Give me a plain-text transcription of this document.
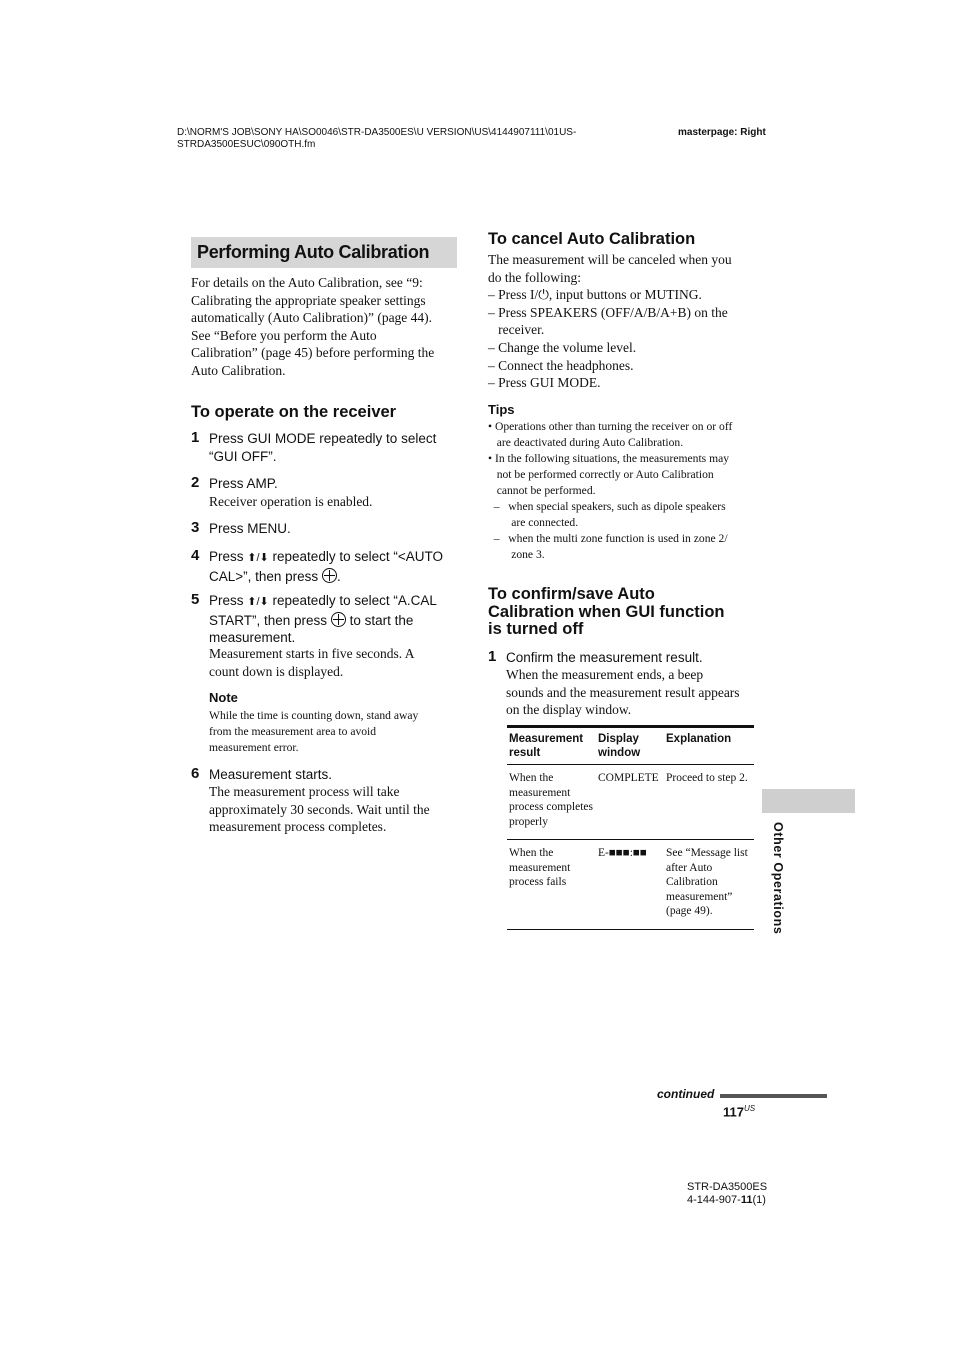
D:\NORM'S JOB\SONY HA\SO0046\STR-DA3500ES\U VERSION\US\4144907111\01US-
STRDA3500ESUC\090OTH.fm
masterpage: Right
Performing Auto Calibration
For details on the Auto Calibration, see “9:
Calibrating the appropriate speaker settings
automatically (Auto Calibration)” (page 44).
See “Before you perform the Auto
Calibration” (page 45) before performing the
Auto Calibration.
To operate on the receiver
1 Press GUI MODE repeatedly to select
“GUI OFF”.
2 Press AMP.
Receiver operation is enabled.
3 Press MENU.
4 Press ⬆/⬇ repeatedly to select “<AUTO
CAL>”, then press .
5 Press ⬆/⬇ repeatedly to select “A.CAL
START”, then press  to start the
measurement.
Measurement starts in five seconds. A
count down is displayed.
Note
While the time is counting down, stand away
from the measurement area to avoid
measurement error.
6 Measurement starts.
The measurement process will take
approximately 30 seconds. Wait until the
measurement process completes.
To cancel Auto Calibration
The measurement will be canceled when you
do the following:
– Press I/⏻, input buttons or MUTING.
– Press SPEAKERS (OFF/A/B/A+B) on the
receiver.
– Change the volume level.
– Connect the headphones.
– Press GUI MODE.
Tips
• Operations other than turning the receiver on or off
are deactivated during Auto Calibration.
• In the following situations, the measurements may
not be performed correctly or Auto Calibration
cannot be performed.
–   when special speakers, such as dipole speakers
are connected.
–   when the multi zone function is used in zone 2/
zone 3.
To confirm/save Auto
Calibration when GUI function
is turned off
1 Confirm the measurement result.
When the measurement ends, a beep
sounds and the measurement result appears
on the display window.
Measurement result	Display window	Explanation
When the measurement process completes properly	COMPLETE	Proceed to step 2.
When the measurement process fails	E-■■■:■■	See “Message list after Auto Calibration measurement” (page 49).	Other Operations
continued
$117^{US}$
STR-DA3500ES
4-144-907-11(1)
